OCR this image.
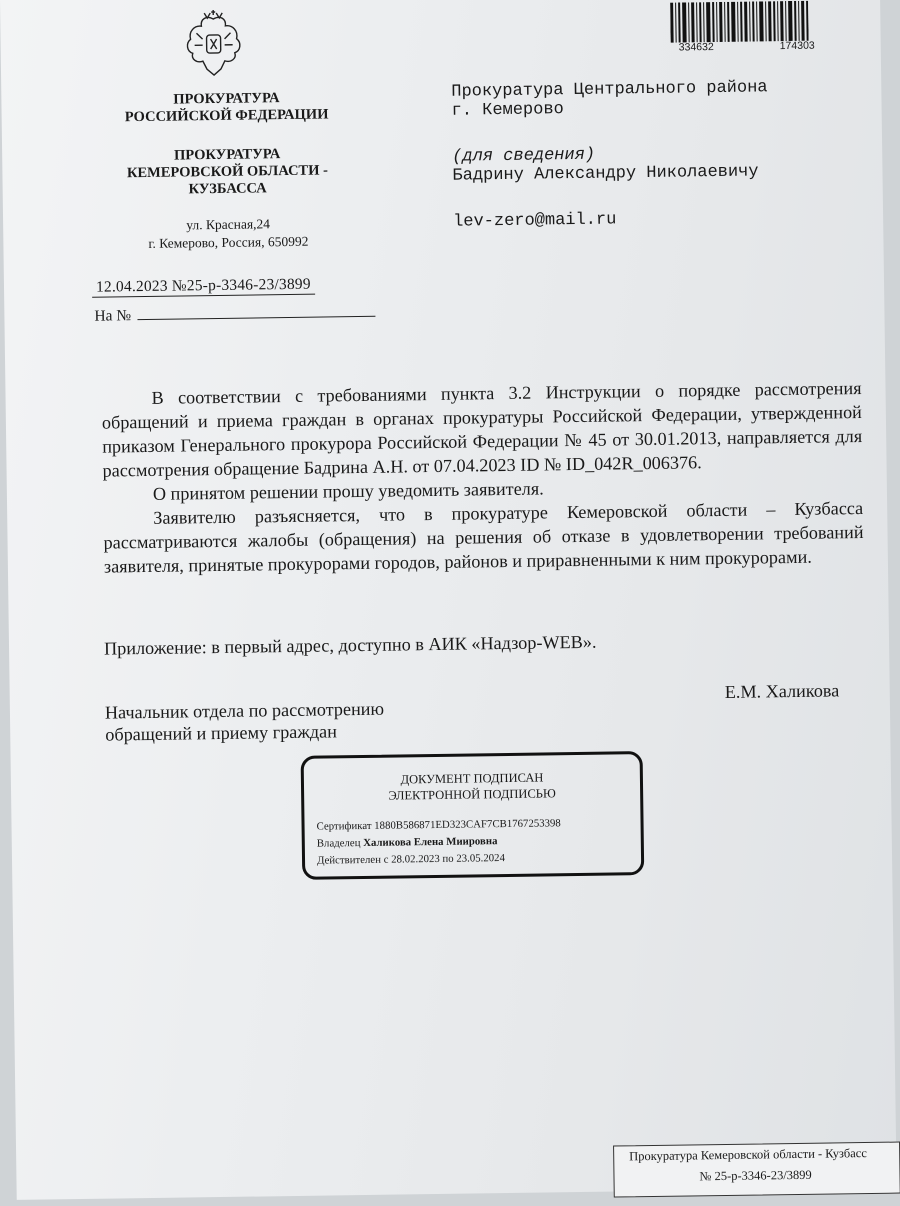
ПРОКУРАТУРА
РОССИЙСКОЙ ФЕДЕРАЦИИ
ПРОКУРАТУРА
КЕМЕРОВСКОЙ ОБЛАСТИ -
КУЗБАССА
ул. Красная,24
г. Кемерово, Россия, 650992
12.04.2023 №25-р-3346-23/3899
На №
334632	174303
Прокуратура Центрального района
г. Кемерово
(для сведения)
Бадрину Александру Николаевичу
lev-zero@mail.ru

В соответствии с требованиями пункта 3.2 Инструкции о порядке рассмотрения обращений и приема граждан в органах прокуратуры Российской Федерации, утвержденной приказом Генерального прокурора Российской Федерации № 45 от 30.01.2013, направляется для рассмотрения обращение Бадрина А.Н. от 07.04.2023 ID № ID_042R_006376.

О принятом решении прошу уведомить заявителя.

Заявителю разъясняется, что в прокуратуре Кемеровской области – Кузбасса рассматриваются жалобы (обращения) на решения об отказе в удовлетворении требований заявителя, принятые прокурорами городов, районов и приравненными к ним прокурорами.

Приложение: в первый адрес, доступно в АИК «Надзор-WEB».
Начальник отдела по рассмотрению
обращений и приему граждан
Е.М. Халикова
ДОКУМЕНТ ПОДПИСАН
ЭЛЕКТРОННОЙ ПОДПИСЬЮ
Сертификат 1880B586871ED323CAF7CB1767253398
Владелец Халикова Елена Мииpовна
Действителен с 28.02.2023 по 23.05.2024
Прокуратура Кемеровской области - Кузбасс
№ 25-р-3346-23/3899
